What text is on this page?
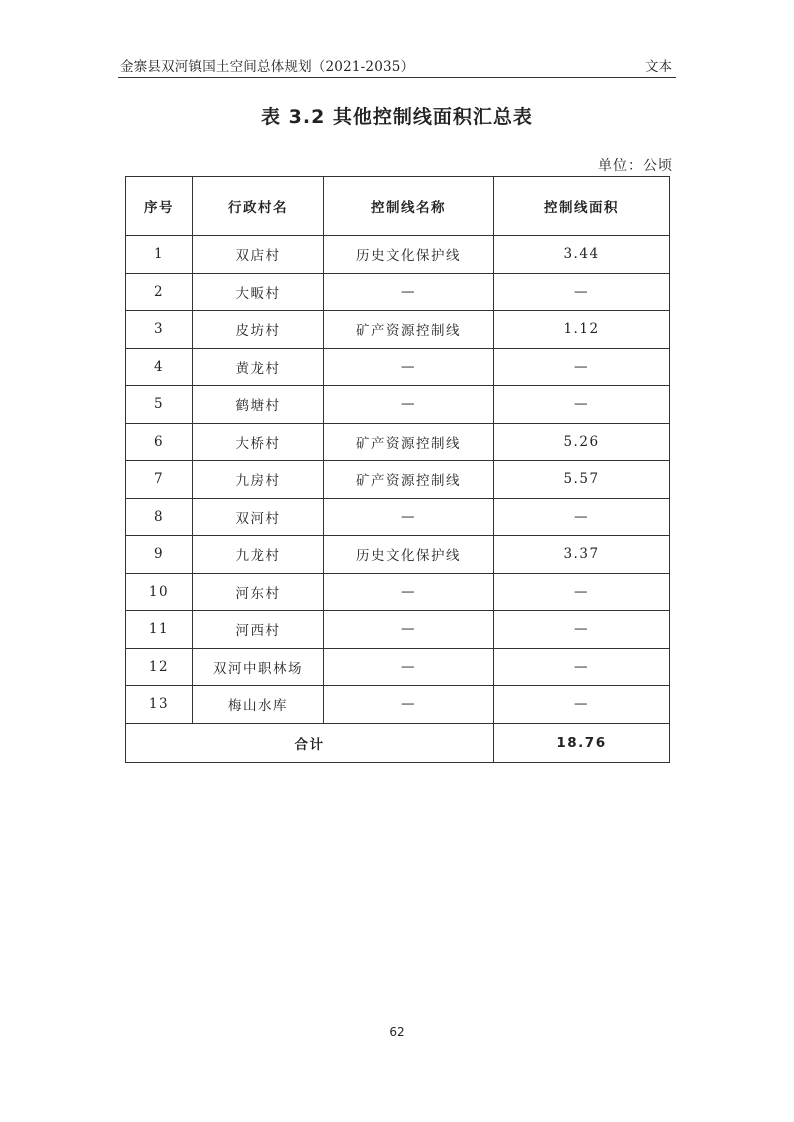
金寨县双河镇国土空间总体规划（2021-2035）	文本
表 3.2 其他控制线面积汇总表
单位：公顷
序号	行政村名	控制线名称	控制线面积
1	双店村	历史文化保护线	3.44
2	大畈村	—	—
3	皮坊村	矿产资源控制线	1.12
4	黄龙村	—	—
5	鹤塘村	—	—
6	大桥村	矿产资源控制线	5.26
7	九房村	矿产资源控制线	5.57
8	双河村	—	—
9	九龙村	历史文化保护线	3.37
10	河东村	—	—
11	河西村	—	—
12	双河中职林场	—	—
13	梅山水库	—	—
合计			18.76
62
